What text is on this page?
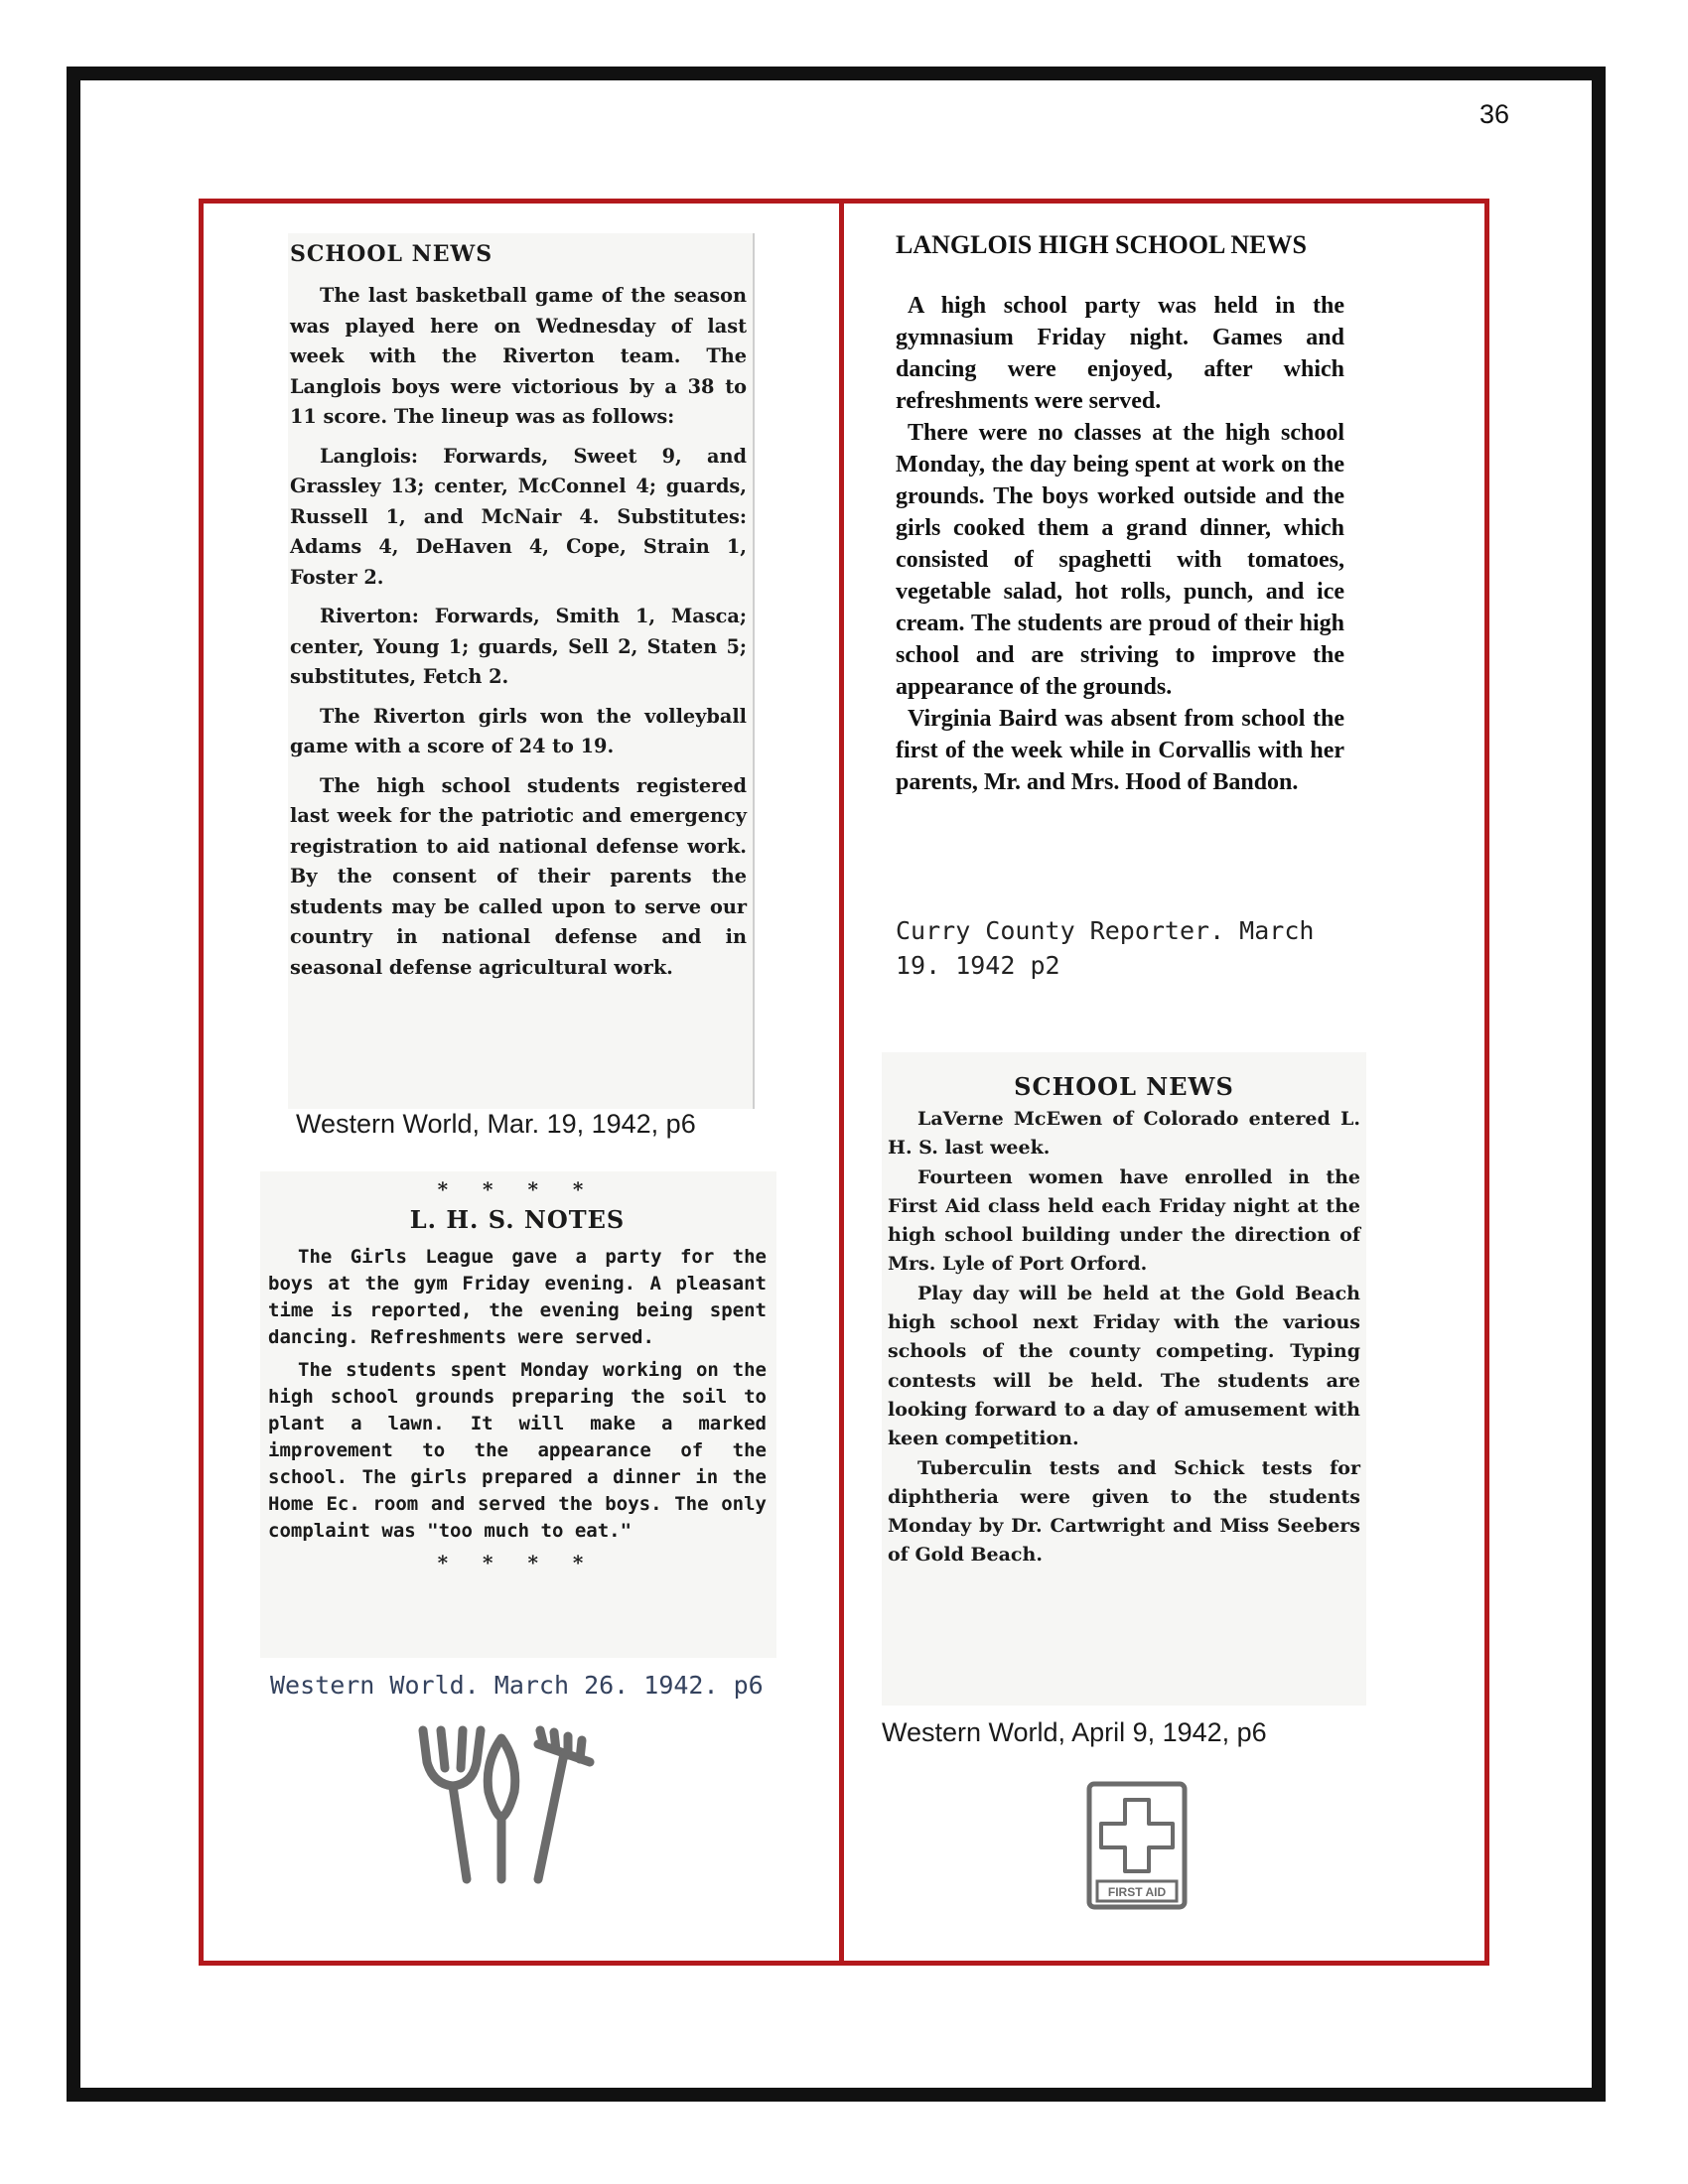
36
SCHOOL NEWS

The last basketball game of the season was played here on Wednesday of last week with the Riverton team. The Langlois boys were victorious by a 38 to 11 score. The lineup was as follows:

Langlois: Forwards, Sweet 9, and Grassley 13; center, McConnel 4; guards, Russell 1, and McNair 4. Substitutes: Adams 4, DeHaven 4, Cope, Strain 1, Foster 2.

Riverton: Forwards, Smith 1, Masca; center, Young 1; guards, Sell 2, Staten 5; substitutes, Fetch 2.

The Riverton girls won the volleyball game with a score of 24 to 19.

The high school students registered last week for the patriotic and emergency registration to aid national defense work. By the consent of their parents the students may be called upon to serve our country in national defense and in seasonal defense agricultural work.

Western World, Mar. 19, 1942, p6
* * * *
L. H. S. NOTES

The Girls League gave a party for the boys at the gym Friday evening. A pleasant time is reported, the evening being spent dancing. Refreshments were served.

The students spent Monday working on the high school grounds preparing the soil to plant a lawn. It will make a marked improvement to the appearance of the school. The girls prepared a dinner in the Home Ec. room and served the boys. The only complaint was "too much to eat."

* * * *
Western World. March 26. 1942. p6
LANGLOIS HIGH SCHOOL NEWS

A high school party was held in the gymnasium Friday night. Games and dancing were enjoyed, after which refreshments were served.

There were no classes at the high school Monday, the day being spent at work on the grounds. The boys worked outside and the girls cooked them a grand dinner, which consisted of spaghetti with tomatoes, vegetable salad, hot rolls, punch, and ice cream. The students are proud of their high school and are striving to improve the appearance of the grounds.

Virginia Baird was absent from school the first of the week while in Corvallis with her parents, Mr. and Mrs. Hood of Bandon.

Curry County Reporter. March 19. 1942 p2
SCHOOL NEWS

LaVerne McEwen of Colorado entered L. H. S. last week.

Fourteen women have enrolled in the First Aid class held each Friday night at the high school building under the direction of Mrs. Lyle of Port Orford.

Play day will be held at the Gold Beach high school next Friday with the various schools of the county competing. Typing contests will be held. The students are looking forward to a day of amusement with keen competition.

Tuberculin tests and Schick tests for diphtheria were given to the students Monday by Dr. Cartwright and Miss Seebers of Gold Beach.

Western World, April 9, 1942, p6
FIRST AID
